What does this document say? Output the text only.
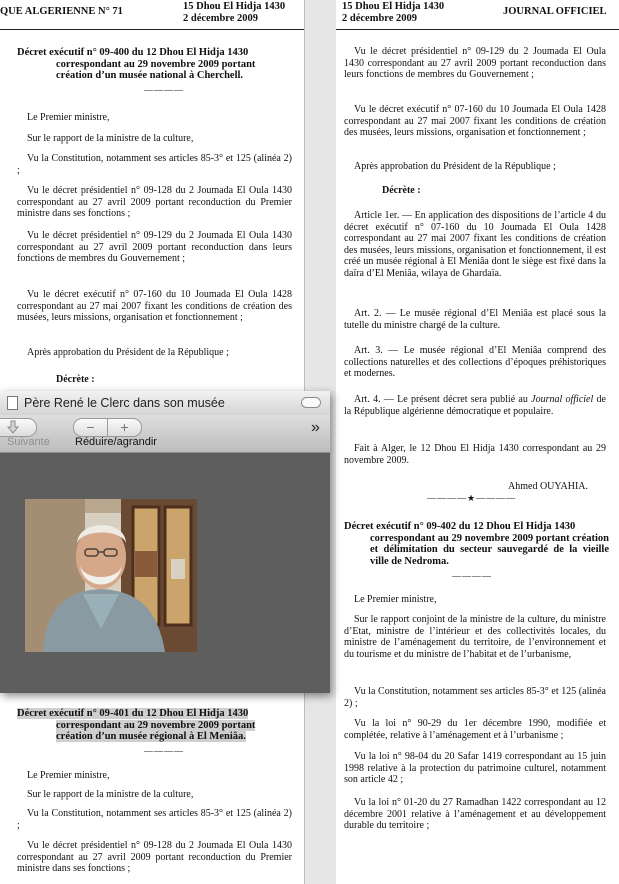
QUE ALGERIENNE N° 71	15 Dhou El Hidja 1430
2 décembre 2009
Décret exécutif n° 09-400 du 12 Dhou El Hidja 1430
correspondant au 29 novembre 2009 portant
création d’un musée national à Cherchell.
————

Le Premier ministre,

Sur le rapport de la ministre de la culture,

Vu la Constitution, notamment ses articles 85-3° et 125 (alinéa 2) ;

Vu le décret présidentiel n° 09-128 du 2 Joumada El Oula 1430 correspondant au 27 avril 2009 portant reconduction du Premier ministre dans ses fonctions ;

Vu le décret présidentiel n° 09-129 du 2 Joumada El Oula 1430 correspondant au 27 avril 2009 portant reconduction dans leurs fonctions de membres du Gouvernement ;

Vu le décret exécutif n° 07-160 du 10 Joumada El Oula 1428 correspondant au 27 mai 2007 fixant les conditions de création des musées, leurs missions, organisation et fonctionnement ;

Après approbation du Président de la République ;

Décrète :

Décret exécutif n° 09-401 du 12 Dhou El Hidja 1430
correspondant au 29 novembre 2009 portant
création d’un musée régional à El Meniâa.
————

Le Premier ministre,

Sur le rapport de la ministre de la culture,

Vu la Constitution, notamment ses articles 85-3° et 125 (alinéa 2) ;

Vu le décret présidentiel n° 09-128 du 2 Joumada El Oula 1430 correspondant au 27 avril 2009 portant reconduction du Premier ministre dans ses fonctions ;

15 Dhou El Hidja 1430
2 décembre 2009
JOURNAL OFFICIEL

Vu le décret présidentiel n° 09-129 du 2 Joumada El Oula 1430 correspondant au 27 avril 2009 portant reconduction dans leurs fonctions de membres du Gouvernement ;

Vu le décret exécutif n° 07-160 du 10 Joumada El Oula 1428 correspondant au 27 mai 2007 fixant les conditions de création des musées, leurs missions, organisation et fonctionnement ;

Après approbation du Président de la République ;

Décrète :

Article 1er. — En application des dispositions de l’article 4 du décret exécutif n° 07-160 du 10 Joumada El Oula 1428 correspondant au 27 mai 2007 fixant les conditions de création des musées, leurs missions, organisation et fonctionnement, il est créé un musée régional à El Meniâa dont le siège est fixé dans la daïra d’El Meniâa, wilaya de Ghardaïa.

Art. 2. — Le musée régional d’El Meniâa est placé sous la tutelle du ministre chargé de la culture.

Art. 3. — Le musée régional d’El Meniâa comprend des collections naturelles et des collections d’époques préhistoriques et modernes.

Art. 4. — Le présent décret sera publié au Journal officiel de la République algérienne démocratique et populaire.

Fait à Alger, le 12 Dhou El Hidja 1430 correspondant au 29 novembre 2009.

Ahmed OUYAHIA.

————★————
Décret exécutif n° 09-402 du 12 Dhou El Hidja 1430
correspondant au 29 novembre 2009 portant création et délimitation du secteur sauvegardé de la vieille ville de Nedroma.
————

Le Premier ministre,

Sur le rapport conjoint de la ministre de la culture, du ministre d’Etat, ministre de l’intérieur et des collectivités locales, du ministre de l’aménagement du territoire, de l’environnement et du tourisme et du ministre de l’habitat et de l’urbanisme,

Vu la Constitution, notamment ses articles 85-3° et 125 (alinéa 2) ;

Vu la loi n° 90-29 du 1er décembre 1990, modifiée et complétée, relative à l’aménagement et à l’urbanisme ;

Vu la loi n° 98-04 du 20 Safar 1419 correspondant au 15 juin 1998 relative à la protection du patrimoine culturel, notamment son article 42 ;

Vu la loi n° 01-20 du 27 Ramadhan 1422 correspondant au 12 décembre 2001 relative à l’aménagement et au développement durable du territoire ;

Père René le Clerc dans son musée
Suivante
−	+
Réduire/agrandir
»
